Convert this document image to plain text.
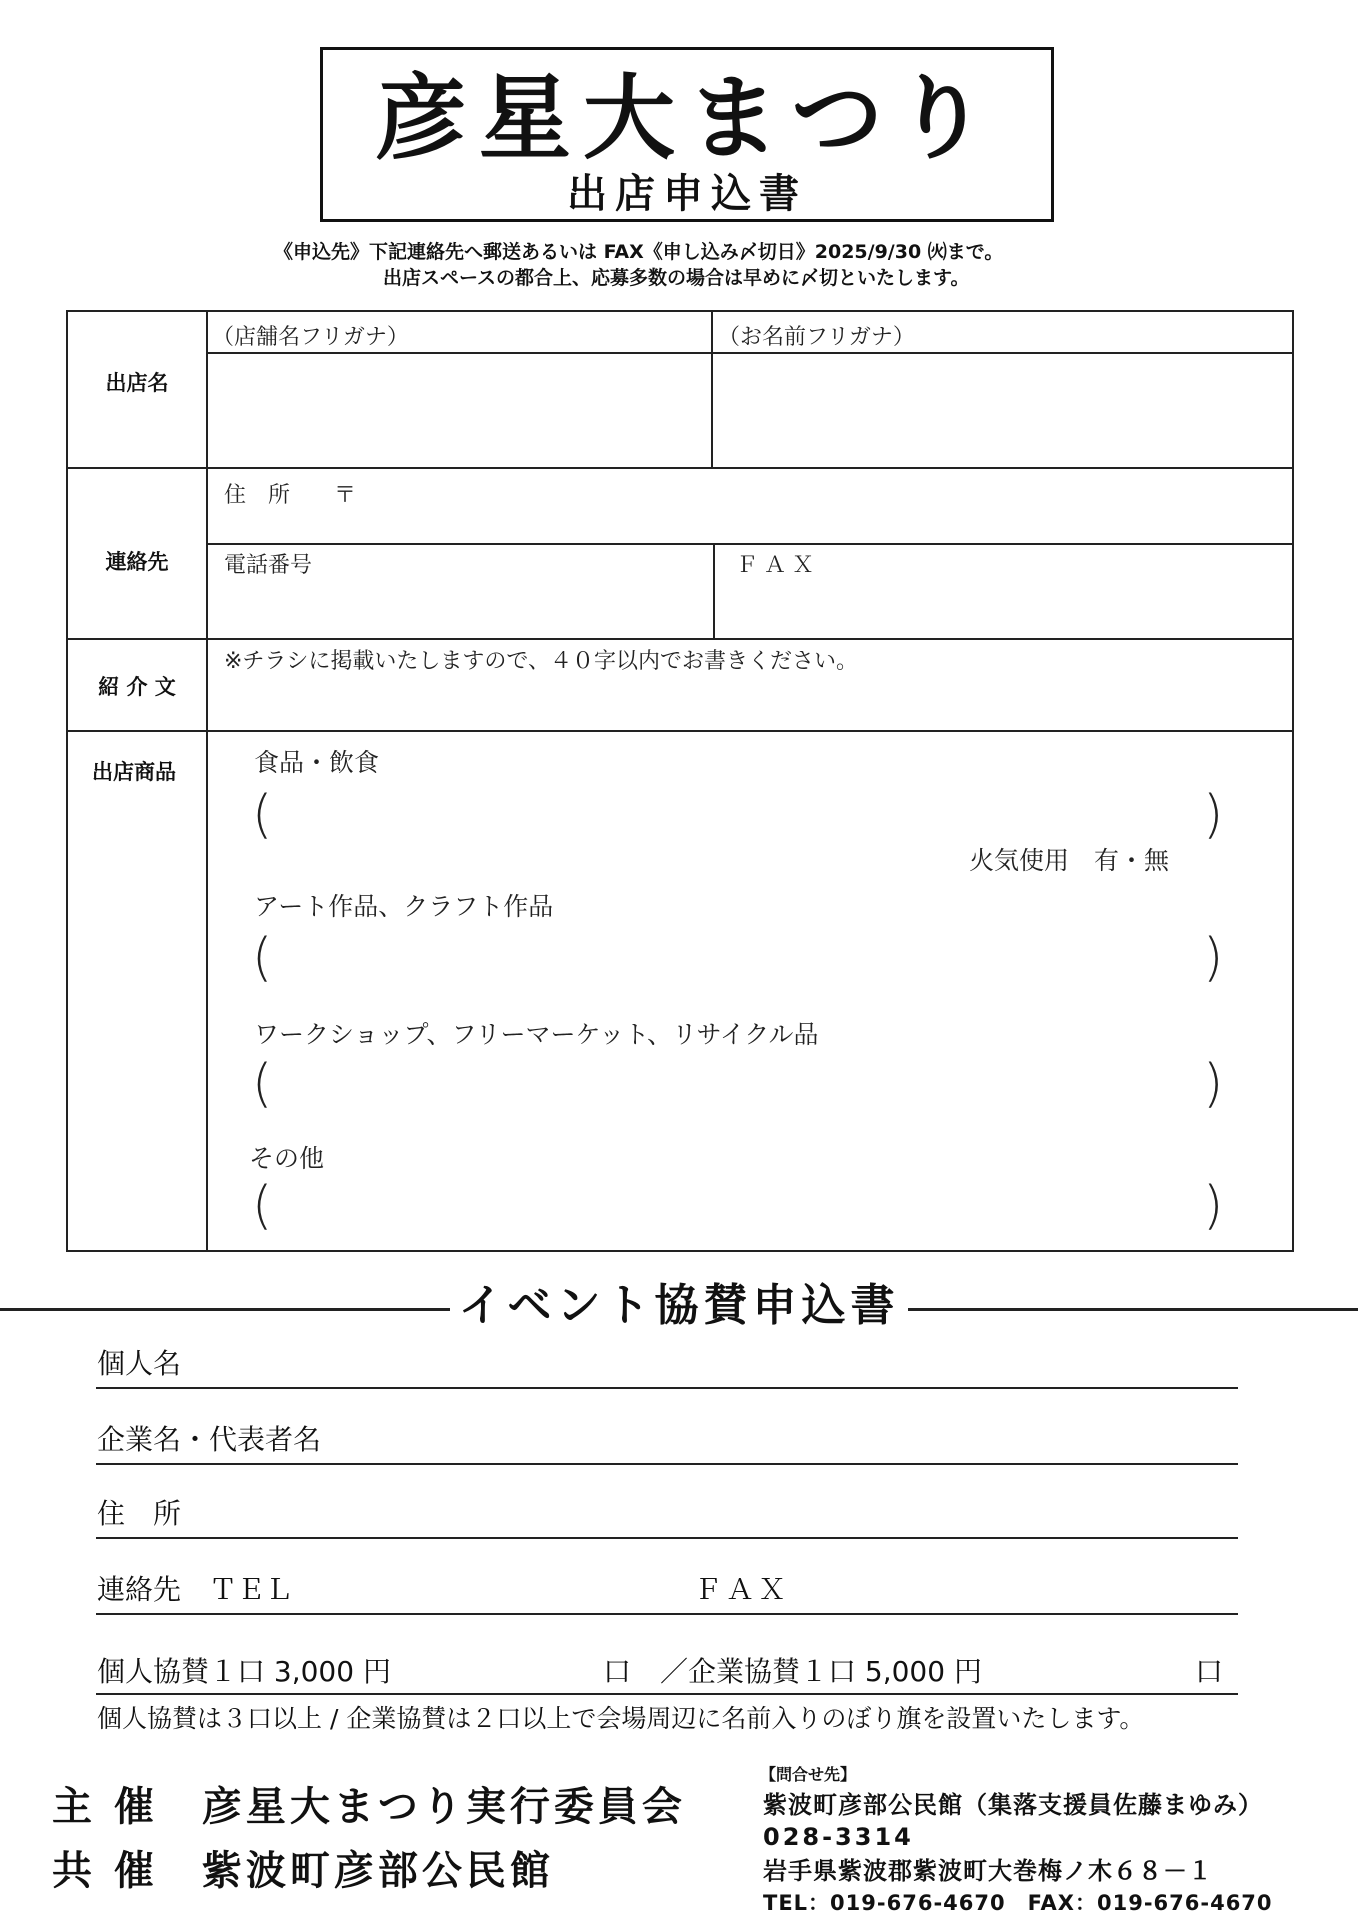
彦星大まつり
出店申込書
《申込先》下記連絡先へ郵送あるいは FAX《申し込み〆切日》2025/9/30 ㈫まで。
出店スペースの都合上、応募多数の場合は早めに〆切といたします。
出店名
（店舗名フリガナ）	（お名前フリガナ）
連絡先
住　所　　〒
電話番号	ＦＡＸ
紹 介 文
※チラシに掲載いたしますので、４０字以内でお書きください。
出店商品	食品・飲食
(	)
火気使用　有・無
アート作品、クラフト作品
(	)
ワークショップ、フリーマーケット、リサイクル品
(	)
その他
(	)
イベント協賛申込書
個人名
企業名・代表者名
住　所
連絡先　ＴＥＬ	ＦＡＸ
個人協賛１口 3,000 円	口 ／企業協賛１口 5,000 円	口
個人協賛は３口以上 / 企業協賛は２口以上で会場周辺に名前入りのぼり旗を設置いたします。
主 催　彦星大まつり実行委員会
共 催　紫波町彦部公民館
【問合せ先】
紫波町彦部公民館（集落支援員佐藤まゆみ）
028-3314
岩手県紫波郡紫波町大巻梅ノ木６８－１
TEL：019-676-4670　FAX：019-676-4670
